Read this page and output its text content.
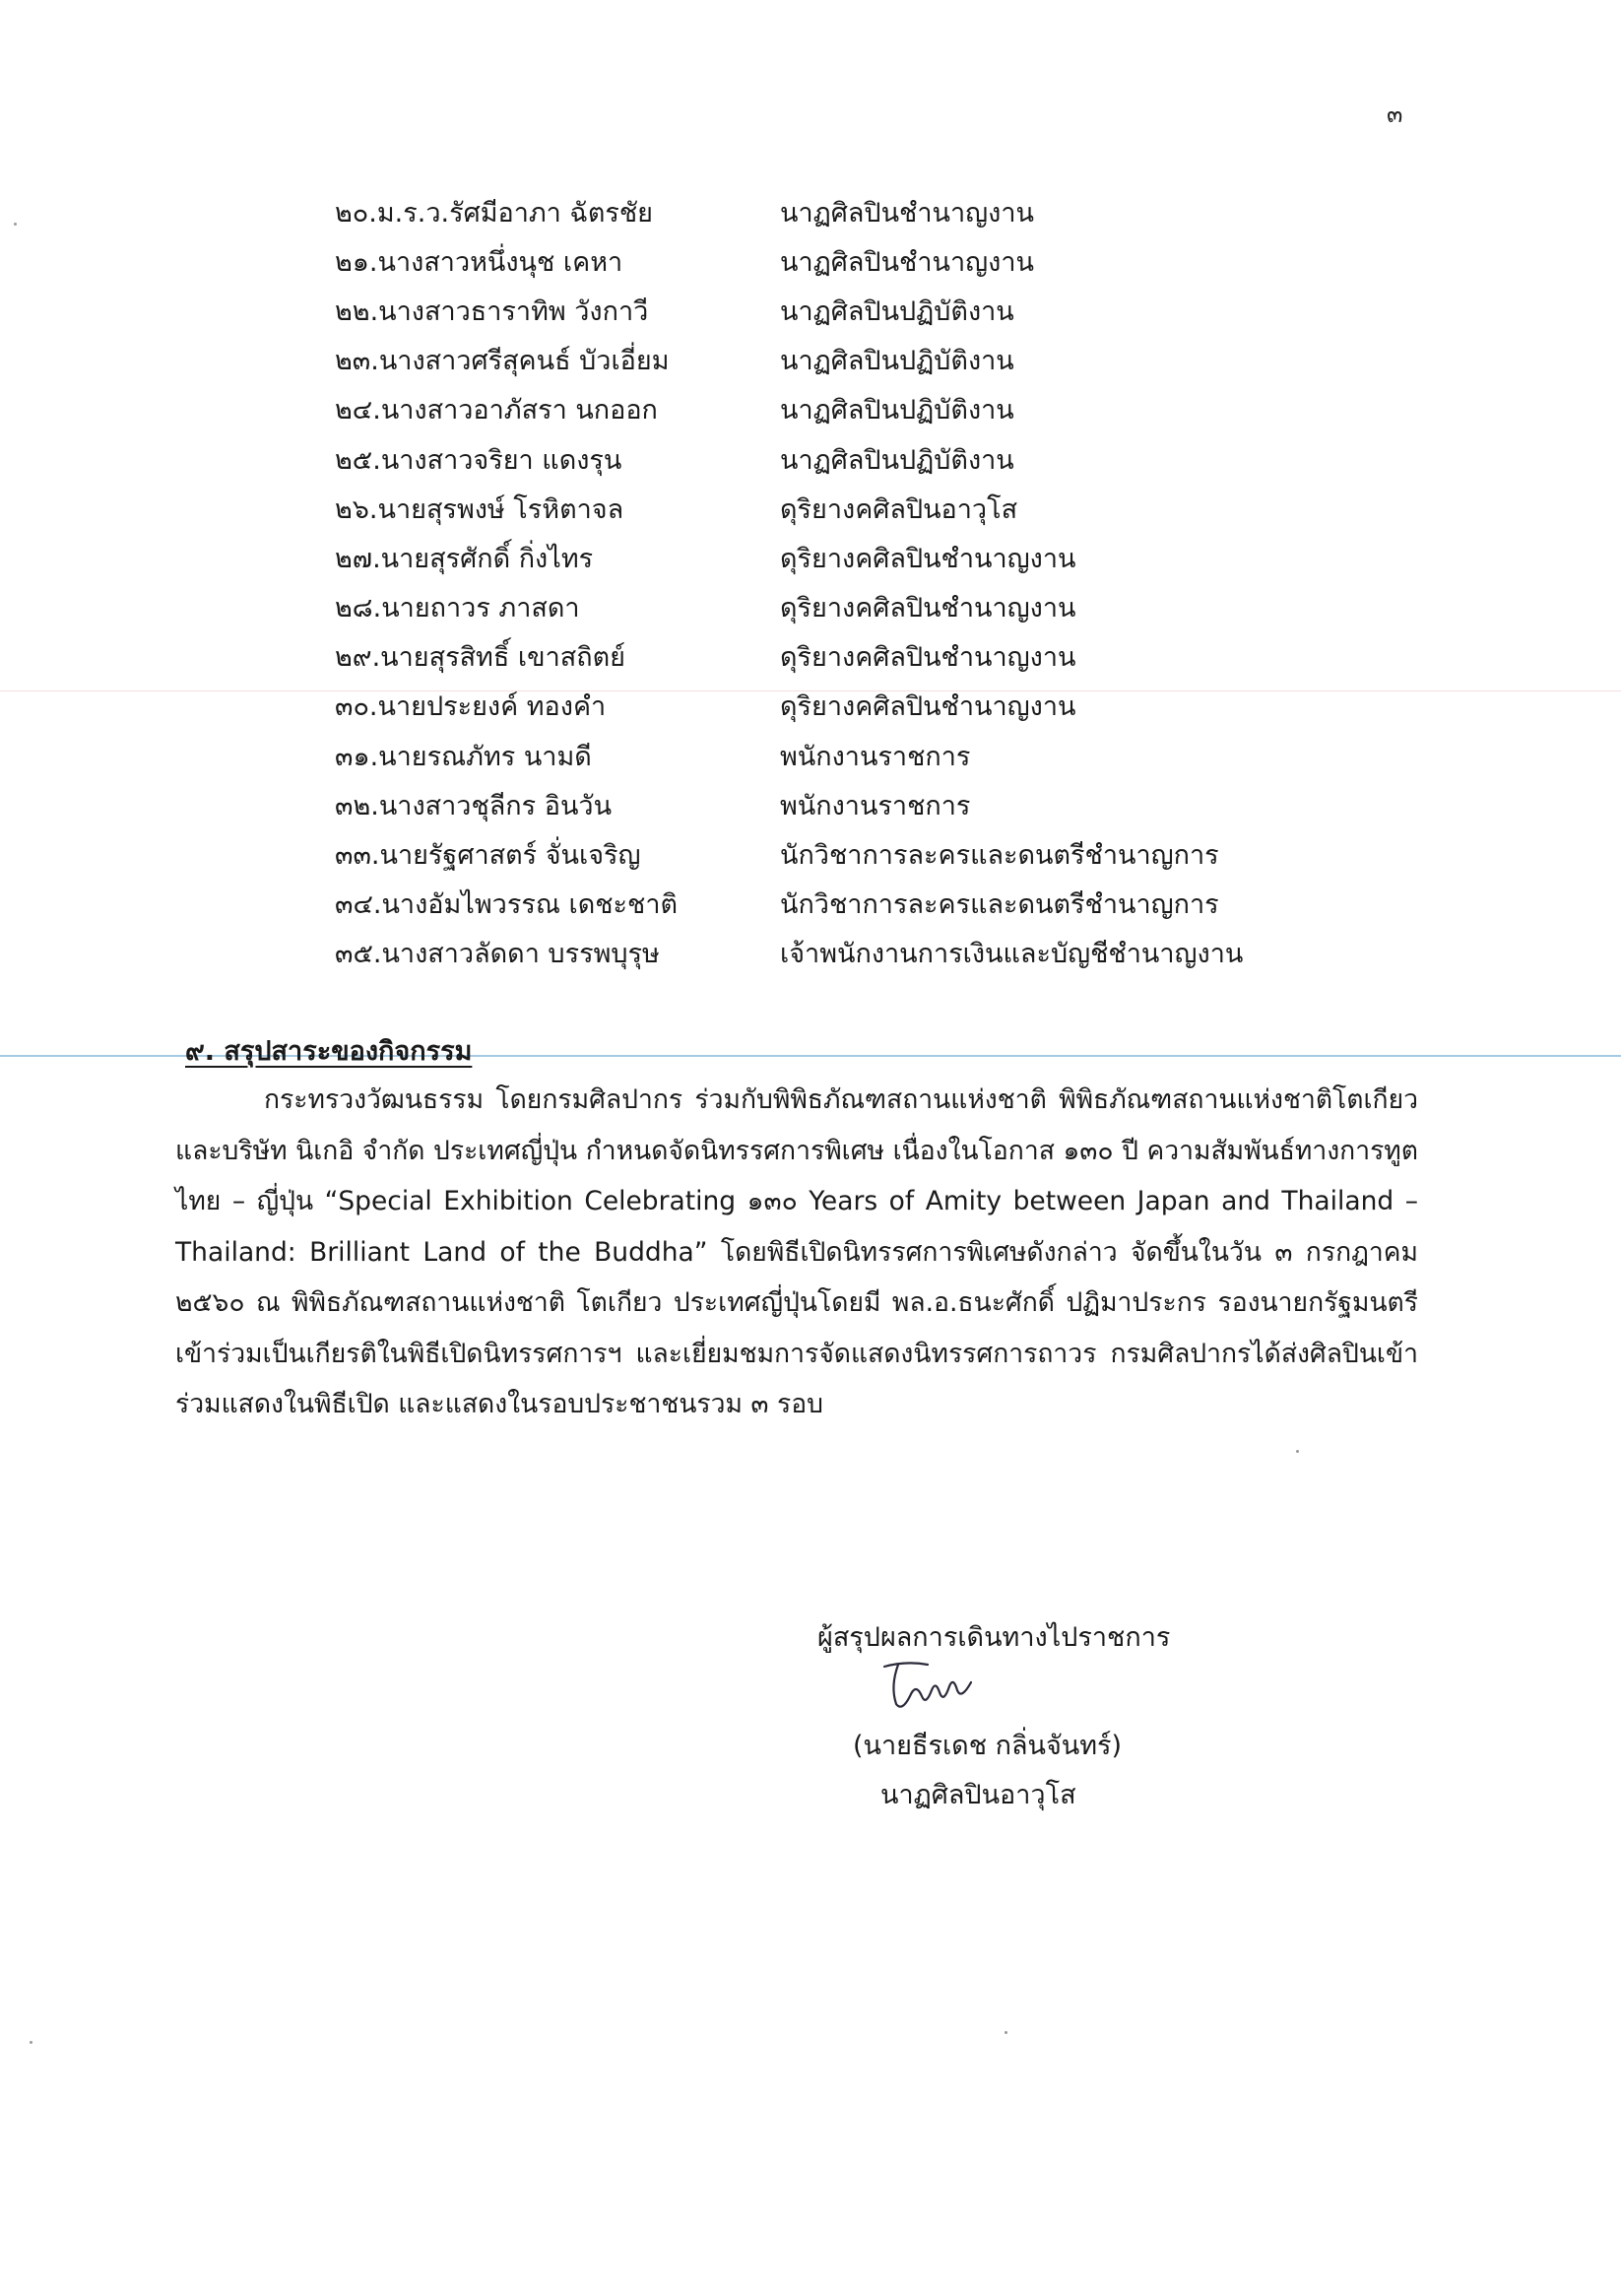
๓
๒๐.ม.ร.ว.รัศมีอาภา ฉัตรชัย	นาฏศิลปินชำนาญงาน
๒๑.นางสาวหนึ่งนุช เคหา	นาฏศิลปินชำนาญงาน
๒๒.นางสาวธาราทิพ วังกาวี	นาฏศิลปินปฏิบัติงาน
๒๓.นางสาวศรีสุคนธ์ บัวเอี่ยม	นาฏศิลปินปฏิบัติงาน
๒๔.นางสาวอาภัสรา นกออก	นาฏศิลปินปฏิบัติงาน
๒๕.นางสาวจริยา แดงรุน	นาฏศิลปินปฏิบัติงาน
๒๖.นายสุรพงษ์ โรหิตาจล	ดุริยางคศิลปินอาวุโส
๒๗.นายสุรศักดิ์ กิ่งไทร	ดุริยางคศิลปินชำนาญงาน
๒๘.นายถาวร ภาสดา	ดุริยางคศิลปินชำนาญงาน
๒๙.นายสุรสิทธิ์ เขาสถิตย์	ดุริยางคศิลปินชำนาญงาน
๓๐.นายประยงค์ ทองคำ	ดุริยางคศิลปินชำนาญงาน
๓๑.นายรณภัทร นามดี	พนักงานราชการ
๓๒.นางสาวชุลีกร อินวัน	พนักงานราชการ
๓๓.นายรัฐศาสตร์ จั่นเจริญ	นักวิชาการละครและดนตรีชำนาญการ
๓๔.นางอัมไพวรรณ เดชะชาติ	นักวิชาการละครและดนตรีชำนาญการ
๓๕.นางสาวลัดดา บรรพบุรุษ	เจ้าพนักงานการเงินและบัญชีชำนาญงาน
๙. สรุปสาระของกิจกรรม
กระทรวงวัฒนธรรม โดยกรมศิลปากร ร่วมกับพิพิธภัณฑสถานแห่งชาติ พิพิธภัณฑสถานแห่งชาติโตเกียว และบริษัท นิเกอิ จำกัด ประเทศญี่ปุ่น กำหนดจัดนิทรรศการพิเศษ เนื่องในโอกาส ๑๓๐ ปี ความสัมพันธ์ทางการทูตไทย – ญี่ปุ่น “Special Exhibition Celebrating ๑๓๐ Years of Amity between Japan and Thailand – Thailand: Brilliant Land of the Buddha” โดยพิธีเปิดนิทรรศการพิเศษดังกล่าว จัดขึ้นในวัน ๓ กรกฎาคม ๒๕๖๐ ณ พิพิธภัณฑสถานแห่งชาติ โตเกียว ประเทศญี่ปุ่นโดยมี พล.อ.ธนะศักดิ์ ปฏิมาประกร รองนายกรัฐมนตรี เข้าร่วมเป็นเกียรติในพิธีเปิดนิทรรศการฯ และเยี่ยมชมการจัดแสดงนิทรรศการถาวร กรมศิลปากรได้ส่งศิลปินเข้าร่วมแสดงในพิธีเปิด และแสดงในรอบประชาชนรวม ๓ รอบ
ผู้สรุปผลการเดินทางไปราชการ
(นายธีรเดช กลิ่นจันทร์)
นาฏศิลปินอาวุโส
